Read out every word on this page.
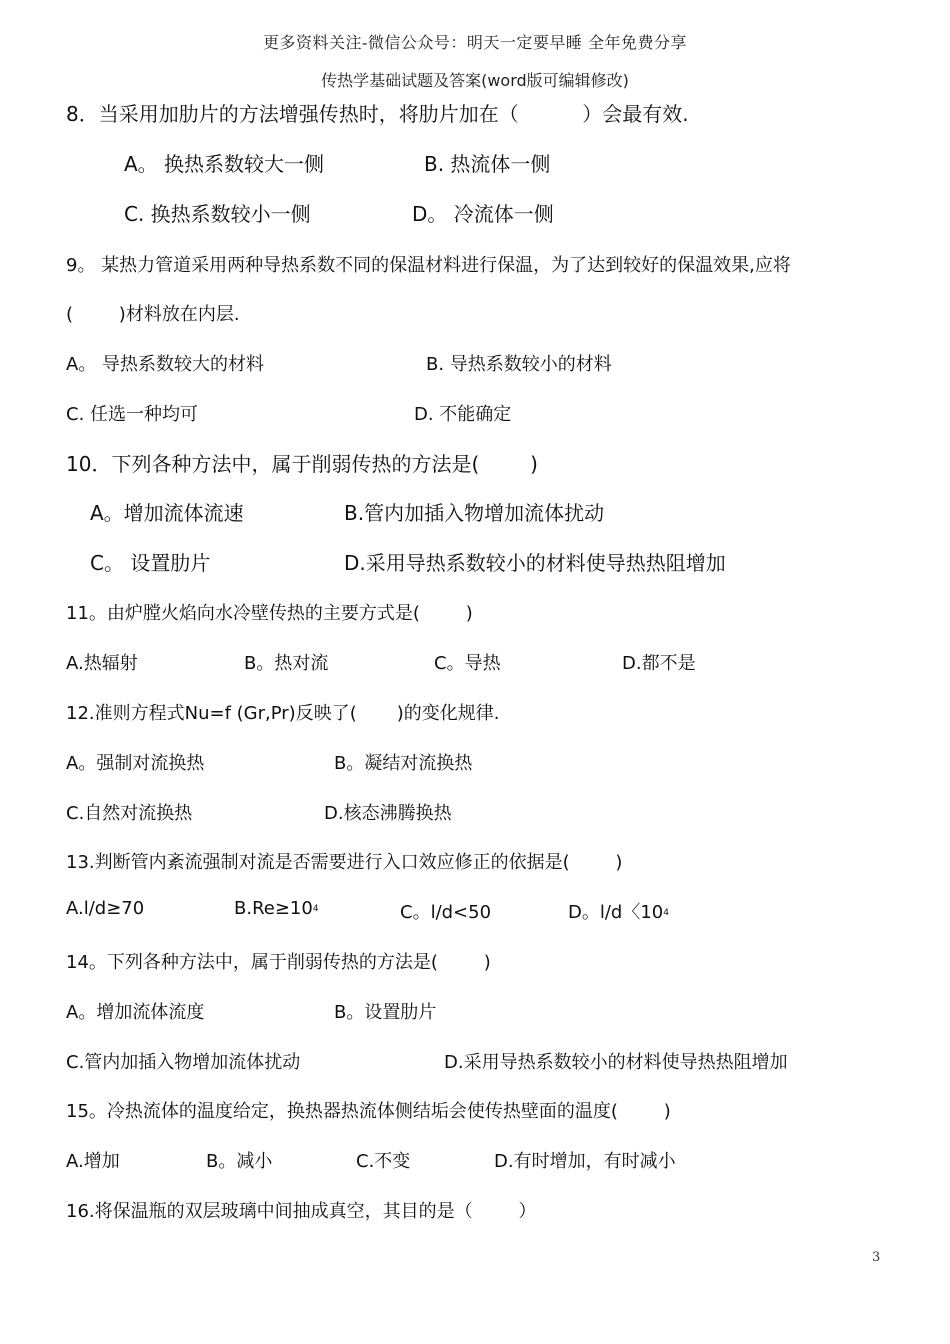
更多资料关注-微信公众号：明天一定要早睡 全年免费分享
传热学基础试题及答案(word版可编辑修改)
8．当采用加肋片的方法增强传热时，将肋片加在（          ）会最有效.
A。 换热系数较大一侧	B. 热流体一侧
C. 换热系数较小一侧	D。 冷流体一侧
9。 某热力管道采用两种导热系数不同的保温材料进行保温，为了达到较好的保温效果,应将
(        )材料放在内层.
A。 导热系数较大的材料	B. 导热系数较小的材料
C. 任选一种均可	D. 不能确定
10．下列各种方法中，属于削弱传热的方法是(        )
A。增加流体流速	B.管内加插入物增加流体扰动
C。 设置肋片	D.采用导热系数较小的材料使导热热阻增加
11。由炉膛火焰向水冷壁传热的主要方式是(        )
A.热辐射	B。热对流	C。导热	D.都不是
12.准则方程式Nu=f (Gr,Pr)反映了(       )的变化规律.
A。强制对流换热	B。凝结对流换热
C.自然对流换热	D.核态沸腾换热
13.判断管内紊流强制对流是否需要进行入口效应修正的依据是(        )
A.l/d≥70	$B.Re\ge 10^4$	C。l/d<50	D。l/d〈$10^4$
14。下列各种方法中，属于削弱传热的方法是(        )
A。增加流体流度	B。设置肋片
C.管内加插入物增加流体扰动	D.采用导热系数较小的材料使导热热阻增加
15。冷热流体的温度给定，换热器热流体侧结垢会使传热壁面的温度(        )
A.增加	B。减小	C.不变	D.有时增加，有时减小
16.将保温瓶的双层玻璃中间抽成真空，其目的是（        ）
3
